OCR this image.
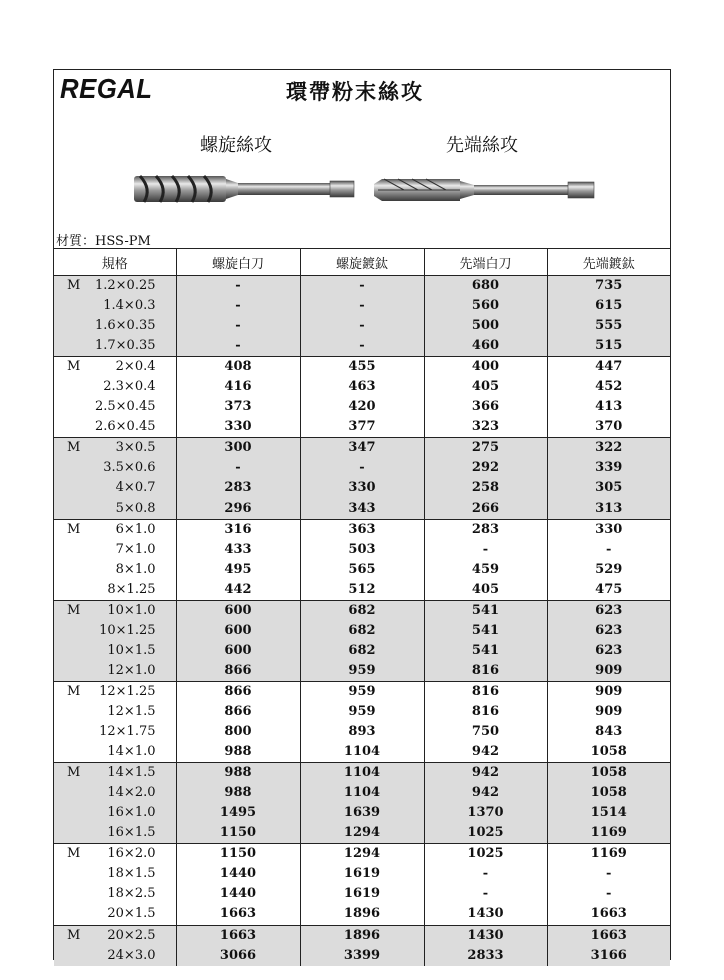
REGAL	環帶粉末絲攻
螺旋絲攻	先端絲攻
材質：HSS-PM
規格	螺旋白刀	螺旋鍍鈦	先端白刀	先端鍍鈦

M 1.2×0.25	-	-	680	735

1.4×0.3	-	-	560	615

1.6×0.35	-	-	500	555

1.7×0.35	-	-	460	515

M 2×0.4	408	455	400	447

2.3×0.4	416	463	405	452

2.5×0.45	373	420	366	413

2.6×0.45	330	377	323	370

M 3×0.5	300	347	275	322

3.5×0.6	-	-	292	339

4×0.7	283	330	258	305

5×0.8	296	343	266	313

M 6×1.0	316	363	283	330

7×1.0	433	503	-	-

8×1.0	495	565	459	529

8×1.25	442	512	405	475

M 10×1.0	600	682	541	623

10×1.25	600	682	541	623

10×1.5	600	682	541	623

12×1.0	866	959	816	909

M 12×1.25	866	959	816	909

12×1.5	866	959	816	909

12×1.75	800	893	750	843

14×1.0	988	1104	942	1058

M 14×1.5	988	1104	942	1058

14×2.0	988	1104	942	1058

16×1.0	1495	1639	1370	1514

16×1.5	1150	1294	1025	1169

M 16×2.0	1150	1294	1025	1169

18×1.5	1440	1619	-	-

18×2.5	1440	1619	-	-

20×1.5	1663	1896	1430	1663

M 20×2.5	1663	1896	1430	1663

24×3.0	3066	3399	2833	3166
